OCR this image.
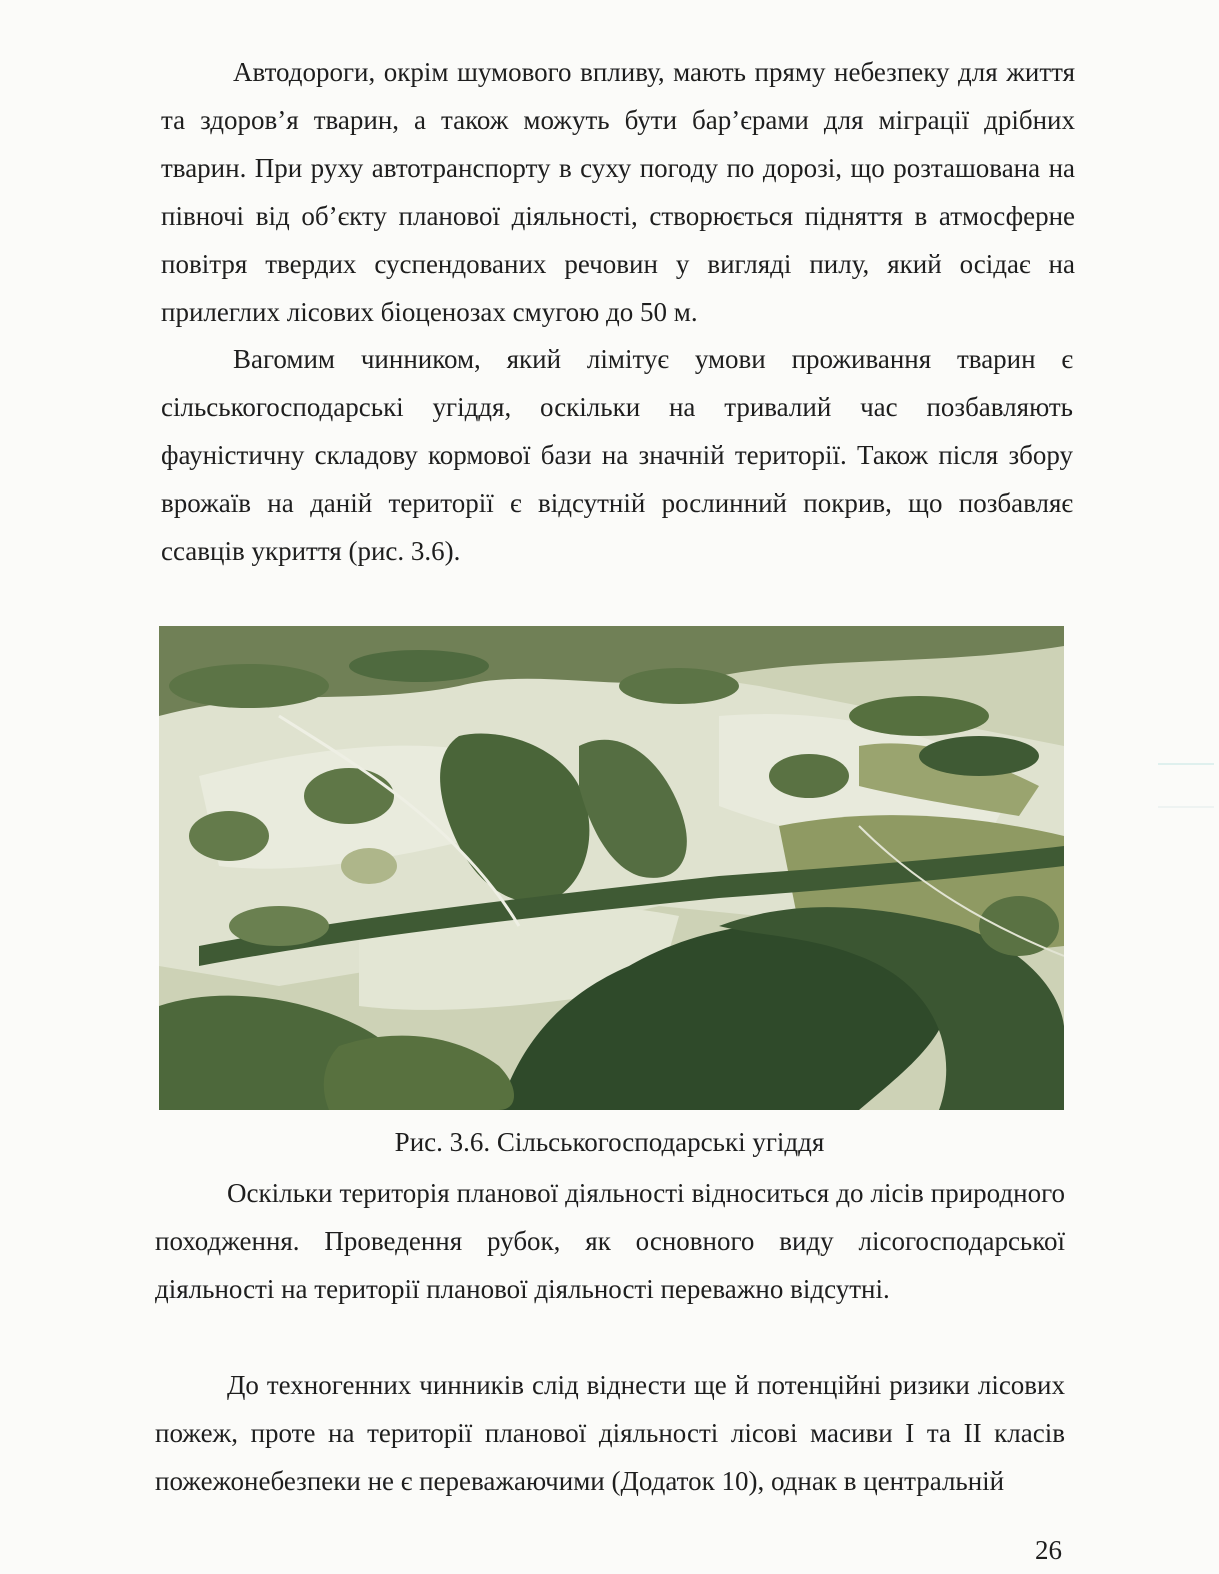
Автодороги, окрім шумового впливу, мають пряму небезпеку для життя та здоров’я тварин, а також можуть бути бар’єрами для міграції дрібних тварин. При руху автотранспорту в суху погоду по дорозі, що розташована на півночі від об’єкту планової діяльності, створюється підняття в атмосферне повітря твердих суспендованих речовин у вигляді пилу, який осідає на прилеглих лісових біоценозах смугою до 50 м.

Вагомим чинником, який лімітує умови проживання тварин є сільськогосподарські угіддя, оскільки на тривалий час позбавляють фауністичну складову кормової бази на значній території. Також після збору врожаїв на даній території є відсутній рослинний покрив, що позбавляє ссавців укриття (рис. 3.6).

Рис. 3.6. Сільськогосподарські угіддя

Оскільки територія планової діяльності відноситься до лісів природного походження. Проведення рубок, як основного виду лісогосподарської діяльності на території планової діяльності переважно відсутні.

До техногенних чинників слід віднести ще й потенційні ризики лісових пожеж, проте на території планової діяльності лісові масиви I та II класів пожежонебезпеки не є переважаючими (Додаток 10), однак в центральній

26
